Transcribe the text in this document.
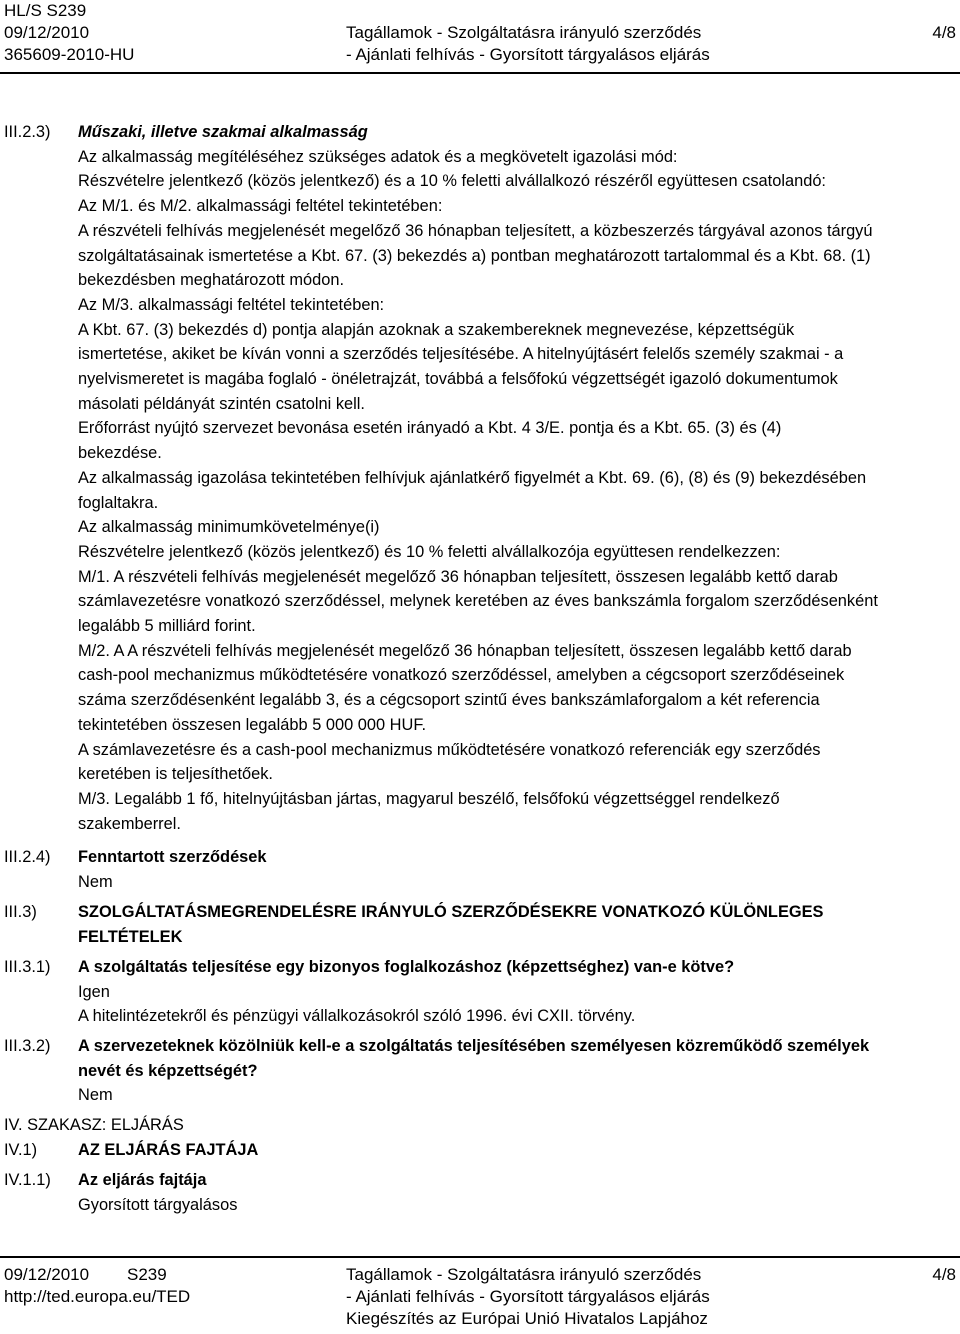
HL/S S239
09/12/2010
365609-2010-HU

Tagállamok - Szolgáltatásra irányuló szerződés
- Ajánlati felhívás - Gyorsított tárgyalásos eljárás
4/8
III.2.3) Műszaki, illetve szakmai alkalmasság

Az alkalmasság megítéléséhez szükséges adatok és a megkövetelt igazolási mód:

Részvételre jelentkező (közös jelentkező) és a 10 % feletti alvállalkozó részéről együttesen csatolandó:

Az M/1. és M/2. alkalmassági feltétel tekintetében:

A részvételi felhívás megjelenését megelőző 36 hónapban teljesített, a közbeszerzés tárgyával azonos tárgyú

szolgáltatásainak ismertetése a Kbt. 67. (3) bekezdés a) pontban meghatározott tartalommal és a Kbt. 68. (1)

bekezdésben meghatározott módon.

Az M/3. alkalmassági feltétel tekintetében:

A Kbt. 67. (3) bekezdés d) pontja alapján azoknak a szakembereknek megnevezése, képzettségük

ismertetése, akiket be kíván vonni a szerződés teljesítésébe. A hitelnyújtásért felelős személy szakmai - a

nyelvismeretet is magába foglaló - önéletrajzát, továbbá a felsőfokú végzettségét igazoló dokumentumok

másolati példányát szintén csatolni kell.

Erőforrást nyújtó szervezet bevonása esetén irányadó a Kbt. 4 3/E. pontja és a Kbt. 65. (3) és (4)

bekezdése.

Az alkalmasság igazolása tekintetében felhívjuk ajánlatkérő figyelmét a Kbt. 69. (6), (8) és (9) bekezdésében

foglaltakra.

Az alkalmasság minimumkövetelménye(i)

Részvételre jelentkező (közös jelentkező) és 10 % feletti alvállalkozója együttesen rendelkezzen:

M/1. A részvételi felhívás megjelenését megelőző 36 hónapban teljesített, összesen legalább kettő darab

számlavezetésre vonatkozó szerződéssel, melynek keretében az éves bankszámla forgalom szerződésenként

legalább 5 milliárd forint.

M/2. A A részvételi felhívás megjelenését megelőző 36 hónapban teljesített, összesen legalább kettő darab

cash-pool mechanizmus működtetésére vonatkozó szerződéssel, amelyben a cégcsoport szerződéseinek

száma szerződésenként legalább 3, és a cégcsoport szintű éves bankszámlaforgalom a két referencia

tekintetében összesen legalább 5 000 000 HUF.

A számlavezetésre és a cash-pool mechanizmus működtetésére vonatkozó referenciák egy szerződés

keretében is teljesíthetőek.

M/3. Legalább 1 fő, hitelnyújtásban jártas, magyarul beszélő, felsőfokú végzettséggel rendelkező

szakemberrel.

III.2.4) Fenntartott szerződések

Nem

III.3)	SZOLGÁLTATÁSMEGRENDELÉSRE IRÁNYULÓ SZERZŐDÉSEKRE VONATKOZÓ KÜLÖNLEGES

FELTÉTELEK

III.3.1) A szolgáltatás teljesítése egy bizonyos foglalkozáshoz (képzettséghez) van-e kötve?

Igen

A hitelintézetekről és pénzügyi vállalkozásokról szóló 1996. évi CXII. törvény.

III.3.2) A szervezeteknek közölniük kell-e a szolgáltatás teljesítésében személyesen közreműködő személyek

nevét és képzettségét?

Nem

IV. SZAKASZ: ELJÁRÁS
IV.1) AZ ELJÁRÁS FAJTÁJA

IV.1.1) Az eljárás fajtája

Gyorsított tárgyalásos

09/12/2010 S239
http://ted.europa.eu/TED
Tagállamok - Szolgáltatásra irányuló szerződés
- Ajánlati felhívás - Gyorsított tárgyalásos eljárás
Kiegészítés az Európai Unió Hivatalos Lapjához
4/8
